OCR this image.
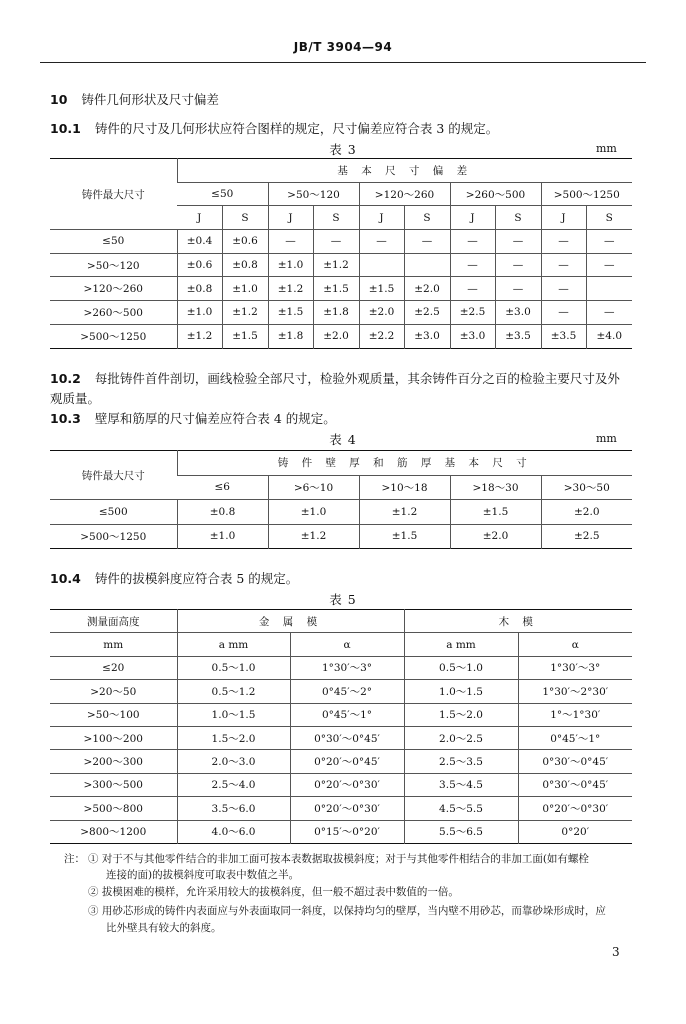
JB/T 3904—94
10 铸件几何形状及尺寸偏差
10.1 铸件的尺寸及几何形状应符合图样的规定，尺寸偏差应符合表 3 的规定。
表 3	mm
铸件最大尺寸	基 本 尺 寸 偏 差									
	≤50		>50～120		>120～260		>260～500		>500～1250	
	J	S	J	S	J	S	J	S	J	S
≤50	±0.4	±0.6	—	—	—	—	—	—	—	—
>50～120	±0.6	±0.8	±1.0	±1.2			—	—	—	—
>120～260	±0.8	±1.0	±1.2	±1.5	±1.5	±2.0	—	—	—	
>260～500	±1.0	±1.2	±1.5	±1.8	±2.0	±2.5	±2.5	±3.0	—	—
>500～1250	±1.2	±1.5	±1.8	±2.0	±2.2	±3.0	±3.0	±3.5	±3.5	±4.0
10.2 每批铸件首件剖切，画线检验全部尺寸，检验外观质量，其余铸件百分之百的检验主要尺寸及外
观质量。
10.3 壁厚和筋厚的尺寸偏差应符合表 4 的规定。
表 4	mm
铸件最大尺寸	铸 件 壁 厚 和 筋 厚 基 本 尺 寸				
	≤6	>6～10	>10～18	>18～30	>30～50
≤500	±0.8	±1.0	±1.2	±1.5	±2.0
>500～1250	±1.0	±1.2	±1.5	±2.0	±2.5
10.4 铸件的拔模斜度应符合表 5 的规定。
表 5
测量面高度	金 属 模		木 模	
mm	a mm	α	a mm	α
≤20	0.5～1.0	1°30′～3°	0.5～1.0	1°30′～3°
>20～50	0.5～1.2	0°45′～2°	1.0～1.5	1°30′～2°30′
>50～100	1.0～1.5	0°45′～1°	1.5～2.0	1°～1°30′
>100～200	1.5～2.0	0°30′～0°45′	2.0～2.5	0°45′～1°
>200～300	2.0～3.0	0°20′～0°45′	2.5～3.5	0°30′～0°45′
>300～500	2.5～4.0	0°20′～0°30′	3.5～4.5	0°30′～0°45′
>500～800	3.5～6.0	0°20′～0°30′	4.5～5.5	0°20′～0°30′
>800～1200	4.0～6.0	0°15′～0°20′	5.5～6.5	0°20′
注： ① 对于不与其他零件结合的非加工面可按本表数据取拔模斜度；对于与其他零件相结合的非加工面(如有螺栓
连接的面)的拔模斜度可取表中数值之半。
② 拔模困难的模样，允许采用较大的拔模斜度，但一般不超过表中数值的一倍。
③ 用砂芯形成的铸件内表面应与外表面取同一斜度，以保持均匀的壁厚，当内壁不用砂芯，而靠砂垛形成时，应
比外壁具有较大的斜度。
3
